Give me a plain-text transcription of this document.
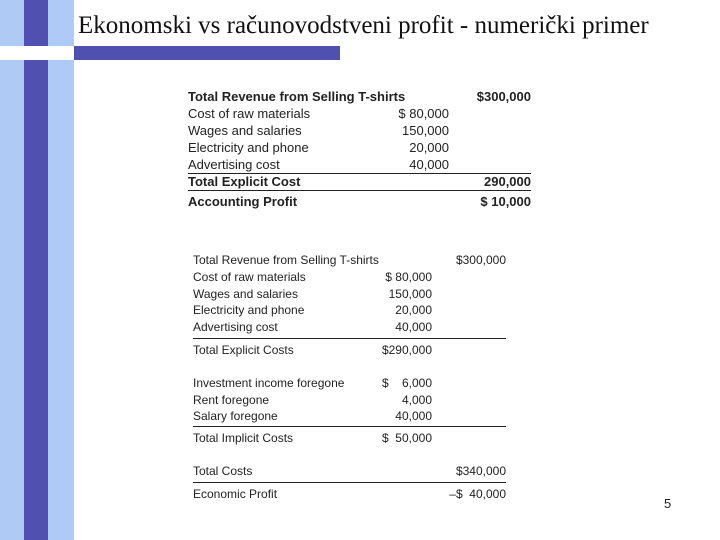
Ekonomski vs računovodstveni profit - numerički primer
Total Revenue from Selling T-shirts	$300,000
Cost of raw materials	$ 80,000
Wages and salaries	150,000
Electricity and phone	20,000
Advertising cost	40,000
Total Explicit Cost	290,000
Accounting Profit	$ 10,000
Total Revenue from Selling T-shirts	$300,000
Cost of raw materials	$ 80,000
Wages and salaries	150,000
Electricity and phone	20,000
Advertising cost	40,000
Total Explicit Costs	$290,000
Investment income foregone	$    6,000
Rent foregone	4,000
Salary foregone	40,000
Total Implicit Costs	$  50,000
Total Costs	$340,000
Economic Profit	–$  40,000
5
